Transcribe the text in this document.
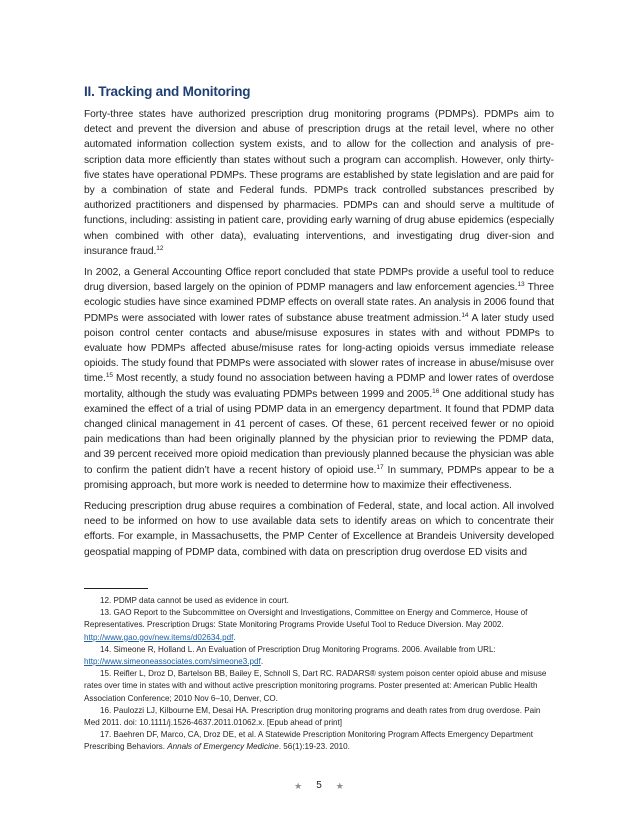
II. Tracking and Monitoring

Forty-three states have authorized prescription drug monitoring programs (PDMPs). PDMPs aim to detect and prevent the diversion and abuse of prescription drugs at the retail level, where no other automated information collection system exists, and to allow for the collection and analysis of pre-scription data more efficiently than states without such a program can accomplish. However, only thirty-five states have operational PDMPs. These programs are established by state legislation and are paid for by a combination of state and Federal funds. PDMPs track controlled substances prescribed by authorized practitioners and dispensed by pharmacies. PDMPs can and should serve a multitude of functions, including: assisting in patient care, providing early warning of drug abuse epidemics (especially when combined with other data), evaluating interventions, and investigating drug diver-sion and insurance fraud.$^{12}$

In 2002, a General Accounting Office report concluded that state PDMPs provide a useful tool to reduce drug diversion, based largely on the opinion of PDMP managers and law enforcement agencies.$^{13}$ Three ecologic studies have since examined PDMP effects on overall state rates. An analysis in 2006 found that PDMPs were associated with lower rates of substance abuse treatment admission.$^{14}$ A later study used poison control center contacts and abuse/misuse exposures in states with and without PDMPs to evaluate how PDMPs affected abuse/misuse rates for long-acting opioids versus immediate release opioids. The study found that PDMPs were associated with slower rates of increase in abuse/misuse over time.$^{15}$ Most recently, a study found no association between having a PDMP and lower rates of overdose mortality, although the study was evaluating PDMPs between 1999 and 2005.16 One additional study has examined the effect of a trial of using PDMP data in an emergency department. It found that PDMP data changed clinical management in 41 percent of cases. Of these, 61 percent received fewer or no opioid pain medications than had been originally planned by the physician prior to reviewing the PDMP data, and 39 percent received more opioid medication than previously planned because the physician was able to confirm the patient didn’t have a recent history of opioid use.$^{17}$ In summary, PDMPs appear to be a promising approach, but more work is needed to determine how to maximize their effectiveness.

Reducing prescription drug abuse requires a combination of Federal, state, and local action. All involved need to be informed on how to use available data sets to identify areas on which to concentrate their efforts. For example, in Massachusetts, the PMP Center of Excellence at Brandeis University developed geospatial mapping of PDMP data, combined with data on prescription drug overdose ED visits and

12. PDMP data cannot be used as evidence in court.

13. GAO Report to the Subcommittee on Oversight and Investigations, Committee on Energy and Commerce, House of Representatives. Prescription Drugs: State Monitoring Programs Provide Useful Tool to Reduce Diversion. May 2002. http://www.gao.gov/new.items/d02634.pdf.

14. Simeone R, Holland L. An Evaluation of Prescription Drug Monitoring Programs. 2006. Available from URL: http://www.simeoneassociates.com/simeone3.pdf.

15. Reifler L, Droz D, Bartelson BB, Bailey E, Schnoll S, Dart RC. RADARS® system poison center opioid abuse and misuse rates over time in states with and without active prescription monitoring programs. Poster presented at: American Public Health Association Conference; 2010 Nov 6–10, Denver, CO.

16. Paulozzi LJ, Kilbourne EM, Desai HA. Prescription drug monitoring programs and death rates from drug overdose. Pain Med 2011. doi: 10.1111/j.1526-4637.2011.01062.x. [Epub ahead of print]

17. Baehren DF, Marco, CA, Droz DE, et al. A Statewide Prescription Monitoring Program Affects Emergency Department Prescribing Behaviors. Annals of Emergency Medicine. 56(1):19-23. 2010.

★ 5 ★
